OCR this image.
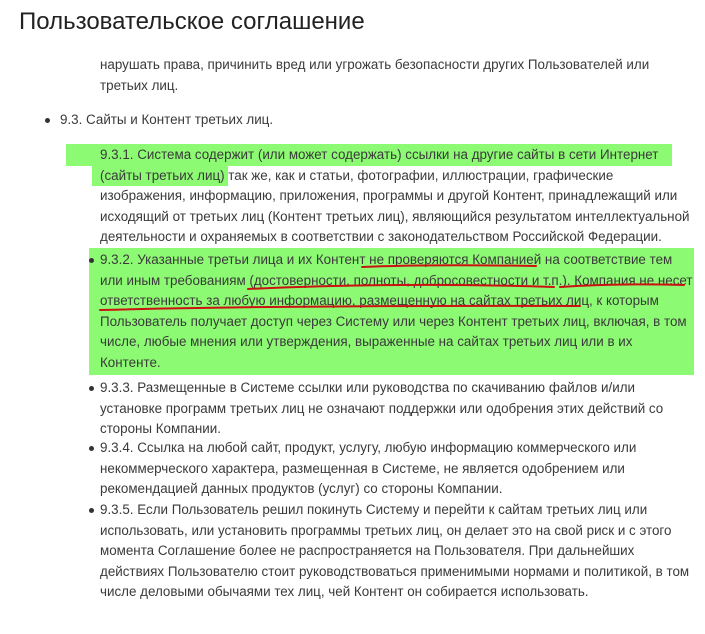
Пользовательское соглашение
нарушать права, причинить вред или угрожать безопасности других Пользователей или
третьих лиц.
9.3. Сайты и Контент третьих лиц.
9.3.1. Система содержит (или может содержать) ссылки на другие сайты в сети Интернет
(сайты третьих лиц) так же, как и статьи, фотографии, иллюстрации, графические
изображения, информацию, приложения, программы и другой Контент, принадлежащий или
исходящий от третьих лиц (Контент третьих лиц), являющийся результатом интеллектуальной
деятельности и охраняемых в соответствии с законодательством Российской Федерации.
9.3.2. Указанные третьи лица и их Контент не проверяются Компанией на соответствие тем
или иным требованиям (достоверности, полноты, добросовестности и т.п.). Компания не несет
ответственность за любую информацию, размещенную на сайтах третьих лиц, к которым
Пользователь получает доступ через Систему или через Контент третьих лиц, включая, в том
числе, любые мнения или утверждения, выраженные на сайтах третьих лиц или в их
Контенте.
9.3.3. Размещенные в Системе ссылки или руководства по скачиванию файлов и/или
установке программ третьих лиц не означают поддержки или одобрения этих действий со
стороны Компании.
9.3.4. Ссылка на любой сайт, продукт, услугу, любую информацию коммерческого или
некоммерческого характера, размещенная в Системе, не является одобрением или
рекомендацией данных продуктов (услуг) со стороны Компании.
9.3.5. Если Пользователь решил покинуть Систему и перейти к сайтам третьих лиц или
использовать, или установить программы третьих лиц, он делает это на свой риск и с этого
момента Соглашение более не распространяется на Пользователя. При дальнейших
действиях Пользователю стоит руководствоваться применимыми нормами и политикой, в том
числе деловыми обычаями тех лиц, чей Контент он собирается использовать.
